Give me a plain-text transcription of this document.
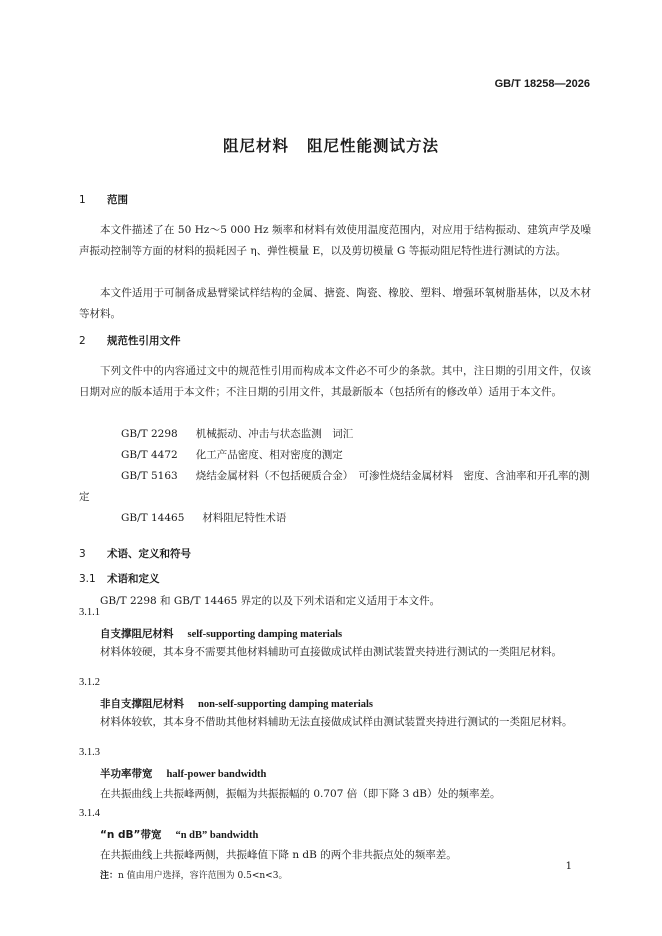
GB/T 18258—2026
阻尼材料 阻尼性能测试方法
1 范围

本文件描述了在 50 Hz～5 000 Hz 频率和材料有效使用温度范围内，对应用于结构振动、建筑声学及噪声振动控制等方面的材料的损耗因子 η、弹性模量 E，以及剪切模量 G 等振动阻尼特性进行测试的方法。

本文件适用于可制备成悬臂梁试样结构的金属、搪瓷、陶瓷、橡胶、塑料、增强环氧树脂基体，以及木材等材料。

2 规范性引用文件

下列文件中的内容通过文中的规范性引用而构成本文件必不可少的条款。其中，注日期的引用文件，仅该日期对应的版本适用于本文件；不注日期的引用文件，其最新版本（包括所有的修改单）适用于本文件。

GB/T 2298 机械振动、冲击与状态监测　词汇

GB/T 4472 化工产品密度、相对密度的测定

GB/T 5163 烧结金属材料（不包括硬质合金）　可渗性烧结金属材料　密度、含油率和开孔率的测定

GB/T 14465 材料阻尼特性术语

3 术语、定义和符号
3.1 术语和定义
GB/T 2298 和 GB/T 14465 界定的以及下列术语和定义适用于本文件。
3.1.1
自支撑阻尼材料 self-supporting damping materials

材料体较硬，其本身不需要其他材料辅助可直接做成试样由测试装置夹持进行测试的一类阻尼材料。

3.1.2
非自支撑阻尼材料 non-self-supporting damping materials

材料体较软，其本身不借助其他材料辅助无法直接做成试样由测试装置夹持进行测试的一类阻尼材料。

3.1.3
半功率带宽 half-power bandwidth
在共振曲线上共振峰两侧，振幅为共振振幅的 0.707 倍（即下降 3 dB）处的频率差。
3.1.4
“n dB”带宽 “n dB” bandwidth
在共振曲线上共振峰两侧，共振峰值下降 n dB 的两个非共振点处的频率差。
注：n 值由用户选择，容许范围为 0.5<n<3。
1
